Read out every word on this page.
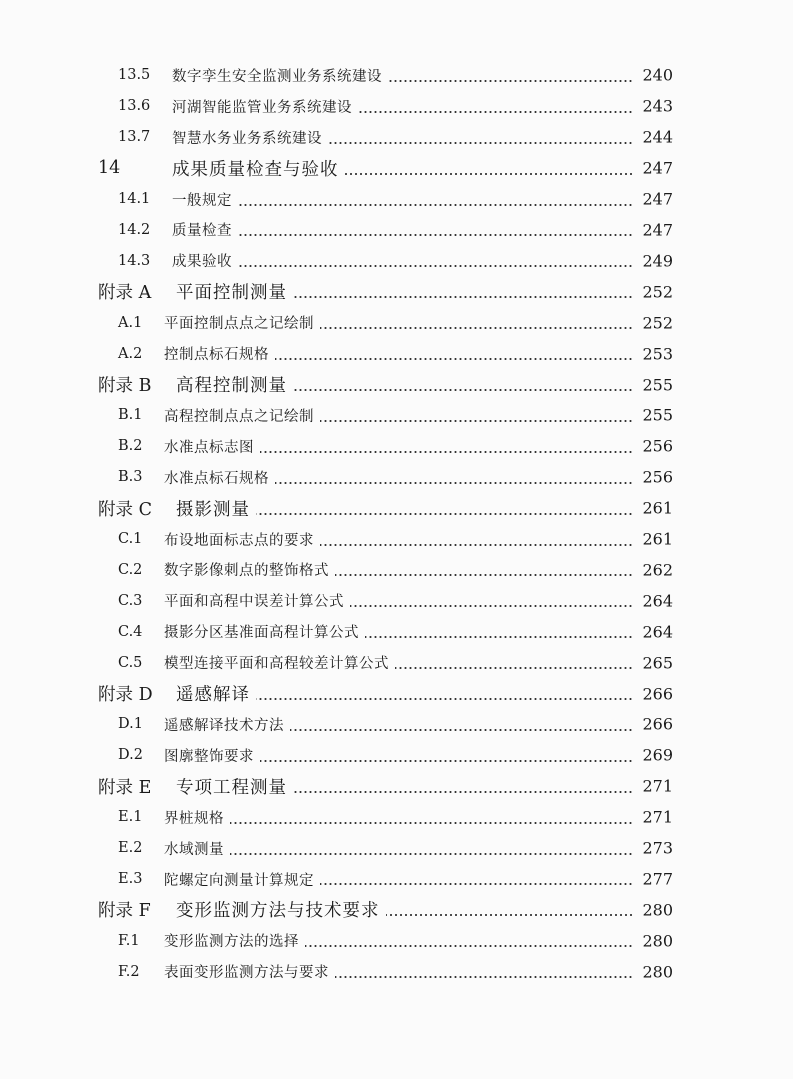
13.5	数字孪生安全监测业务系统建设	240
13.6	河湖智能监管业务系统建设	243
13.7	智慧水务业务系统建设	244
14	成果质量检查与验收	247
14.1	一般规定	247
14.2	质量检查	247
14.3	成果验收	249
附录 A	平面控制测量	252
A.1	平面控制点点之记绘制	252
A.2	控制点标石规格	253
附录 B	高程控制测量	255
B.1	高程控制点点之记绘制	255
B.2	水准点标志图	256
B.3	水准点标石规格	256
附录 C	摄影测量	261
C.1	布设地面标志点的要求	261
C.2	数字影像刺点的整饰格式	262
C.3	平面和高程中误差计算公式	264
C.4	摄影分区基准面高程计算公式	264
C.5	模型连接平面和高程较差计算公式	265
附录 D	遥感解译	266
D.1	遥感解译技术方法	266
D.2	图廓整饰要求	269
附录 E	专项工程测量	271
E.1	界桩规格	271
E.2	水域测量	273
E.3	陀螺定向测量计算规定	277
附录 F	变形监测方法与技术要求	280
F.1	变形监测方法的选择	280
F.2	表面变形监测方法与要求	280
